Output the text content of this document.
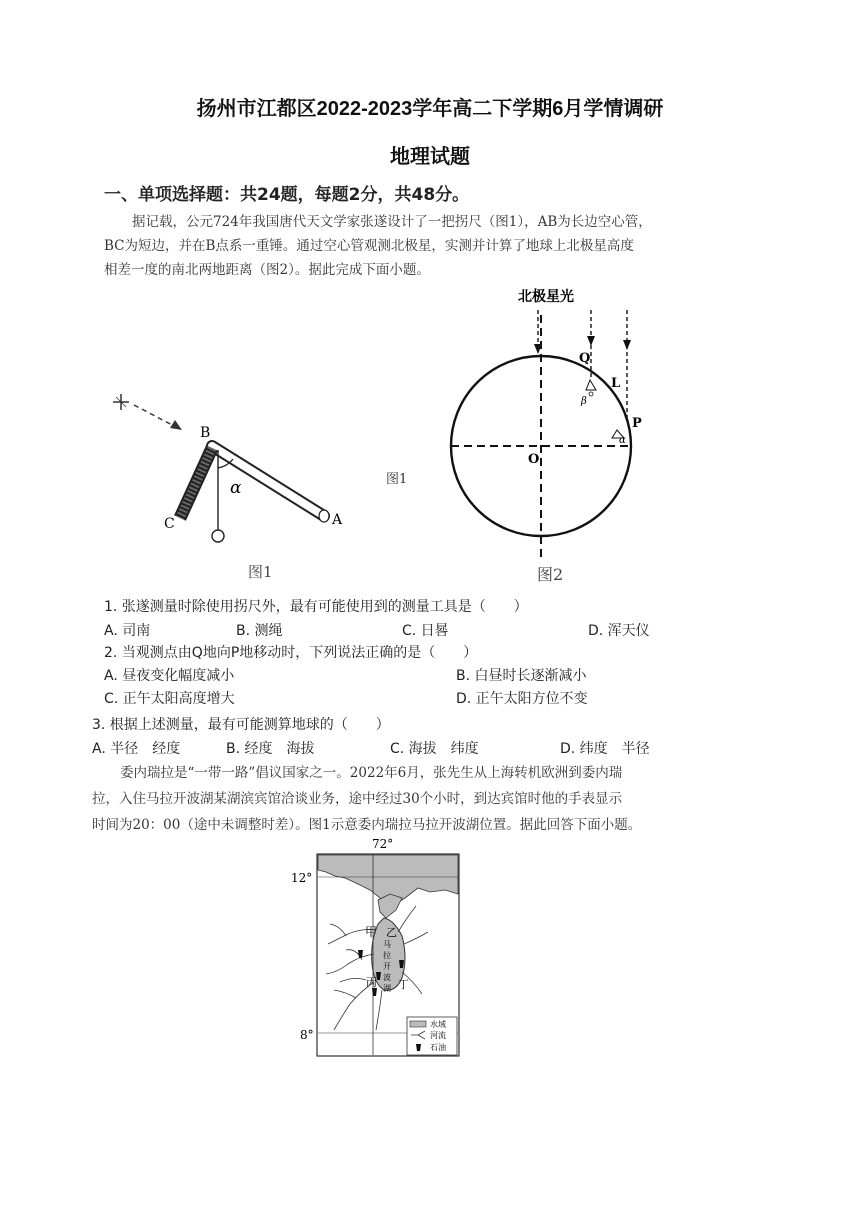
扬州市江都区2022-2023学年高二下学期6月学情调研
地理试题
一、单项选择题：共24题，每题2分，共48分。
据记载，公元724年我国唐代天文学家张遂设计了一把拐尺（图1），AB为长边空心管，
BC为短边，并在B点系一重锤。通过空心管观测北极星，实测并计算了地球上北极星高度
相差一度的南北两地距离（图2）。据此完成下面小题。
α
B
C	A
图1
图1
北极星光
Q
L
P
O
β
α
图2
1. 张遂测量时除使用拐尺外，最有可能使用到的测量工具是（　　）
A. 司南	B. 测绳	C. 日晷	D. 浑天仪
2. 当观测点由Q地向P地移动时，下列说法正确的是（　　）
A. 昼夜变化幅度减小	B. 白昼时长逐渐减小
C. 正午太阳高度增大	D. 正午太阳方位不变
3. 根据上述测量，最有可能测算地球的（　　）
A. 半径　经度	B. 经度　海拔	C. 海拔　纬度	D. 纬度　半径
委内瑞拉是“一带一路”倡议国家之一。2022年6月，张先生从上海转机欧洲到委内瑞
拉，入住马拉开波湖某湖滨宾馆洽谈业务，途中经过30个小时，到达宾馆时他的手表显示
时间为20：00（途中未调整时差）。图1示意委内瑞拉马拉开波湖位置。据此回答下面小题。
72°
12°
8°
甲 乙
丙 丁
马
拉
开
波
湖
水域
河流
石油
